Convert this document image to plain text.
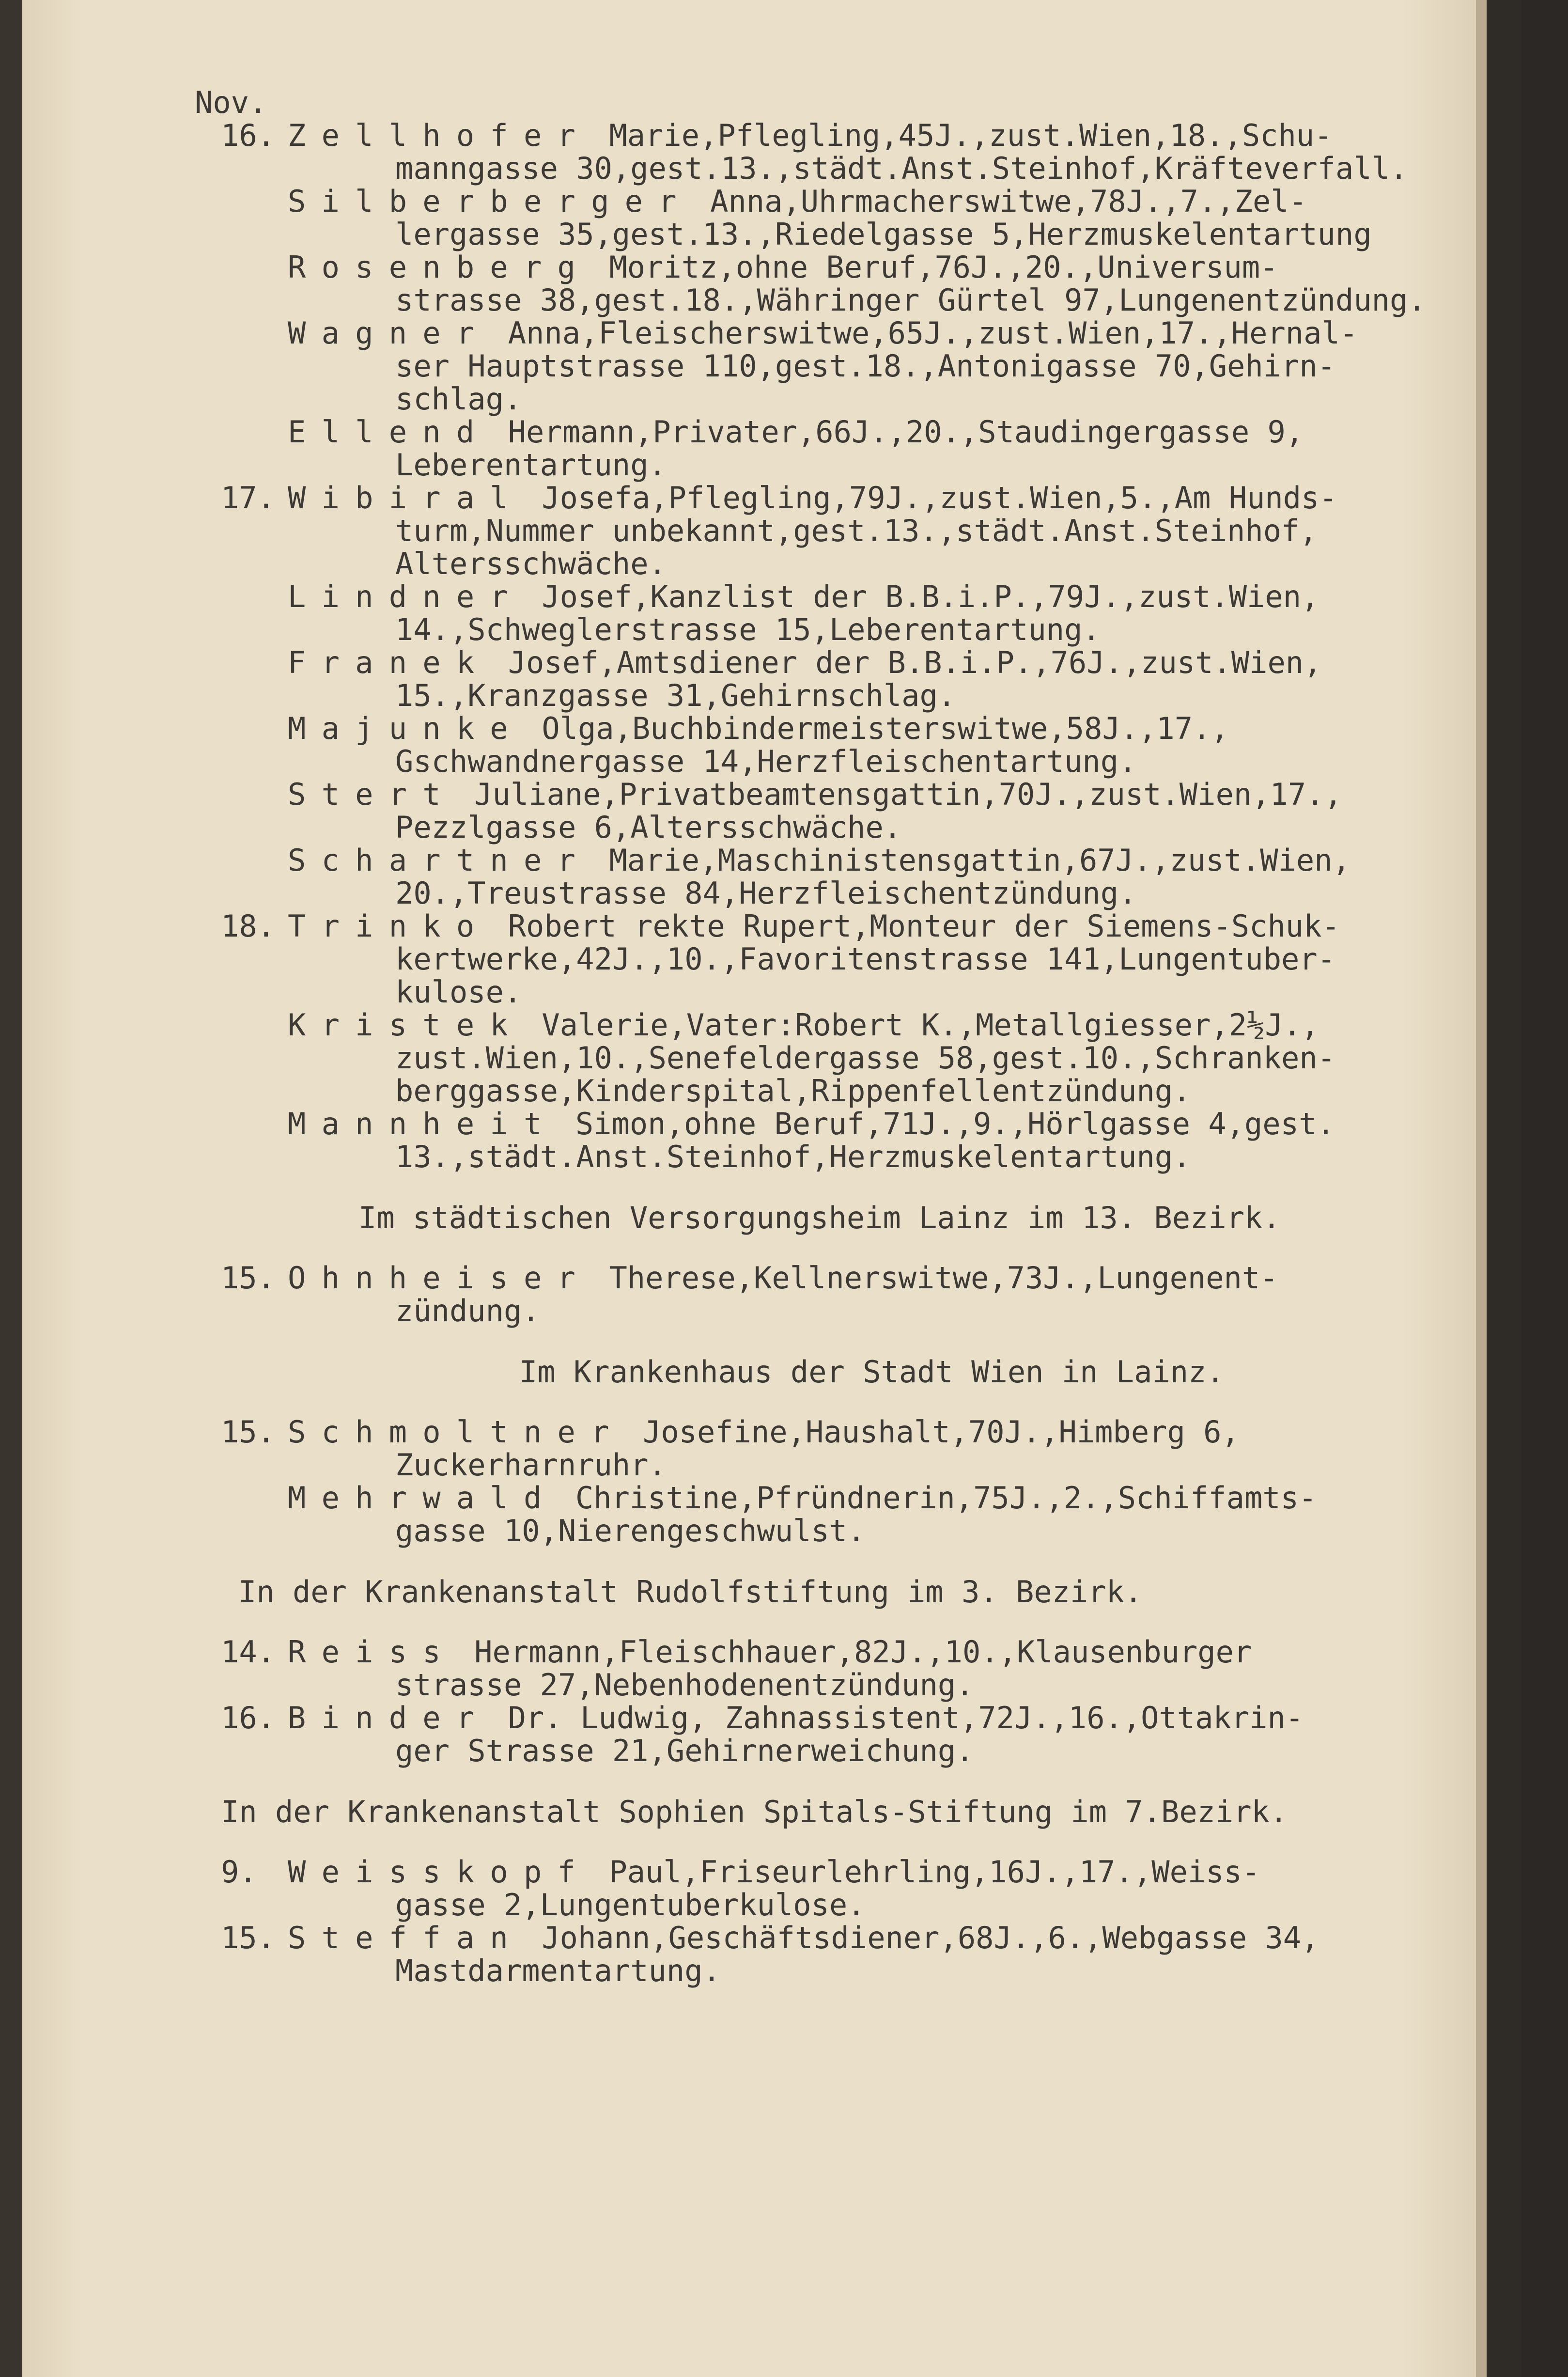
Nov.
16. Zellhofer Marie,Pflegling,45J.,zust.Wien,18.,Schu-
manngasse 30,gest.13.,städt.Anst.Steinhof,Kräfteverfall.
Silberberger Anna,Uhrmacherswitwe,78J.,7.,Zel-
lergasse 35,gest.13.,Riedelgasse 5,Herzmuskelentartung
Rosenberg Moritz,ohne Beruf,76J.,20.,Universum-
strasse 38,gest.18.,Währinger Gürtel 97,Lungenentzündung.
Wagner Anna,Fleischerswitwe,65J.,zust.Wien,17.,Hernal-
ser Hauptstrasse 110,gest.18.,Antonigasse 70,Gehirn-
schlag.
Ellend Hermann,Privater,66J.,20.,Staudingergasse 9,
Leberentartung.
17. Wibiral Josefa,Pflegling,79J.,zust.Wien,5.,Am Hunds-
turm,Nummer unbekannt,gest.13.,städt.Anst.Steinhof,
Altersschwäche.
Lindner Josef,Kanzlist der B.B.i.P.,79J.,zust.Wien,
14.,Schweglerstrasse 15,Leberentartung.
Franek Josef,Amtsdiener der B.B.i.P.,76J.,zust.Wien,
15.,Kranzgasse 31,Gehirnschlag.
Majunke Olga,Buchbindermeisterswitwe,58J.,17.,
Gschwandnergasse 14,Herzfleischentartung.
Stert Juliane,Privatbeamtensgattin,70J.,zust.Wien,17.,
Pezzlgasse 6,Altersschwäche.
Schartner Marie,Maschinistensgattin,67J.,zust.Wien,
20.,Treustrasse 84,Herzfleischentzündung.
18. Trinko Robert rekte Rupert,Monteur der Siemens-Schuk-
kertwerke,42J.,10.,Favoritenstrasse 141,Lungentuber-
kulose.
Kristek Valerie,Vater:Robert K.,Metallgiesser,2½J.,
zust.Wien,10.,Senefeldergasse 58,gest.10.,Schranken-
berggasse,Kinderspital,Rippenfellentzündung.
Mannheit Simon,ohne Beruf,71J.,9.,Hörlgasse 4,gest.
13.,städt.Anst.Steinhof,Herzmuskelentartung.
Im städtischen Versorgungsheim Lainz im 13. Bezirk.
15. Ohnheiser Therese,Kellnerswitwe,73J.,Lungenent-
zündung.
Im Krankenhaus der Stadt Wien in Lainz.
15. Schmoltner Josefine,Haushalt,70J.,Himberg 6,
Zuckerharnruhr.
Mehrwald Christine,Pfründnerin,75J.,2.,Schiffamts-
gasse 10,Nierengeschwulst.
In der Krankenanstalt Rudolfstiftung im 3. Bezirk.
14. Reiss Hermann,Fleischhauer,82J.,10.,Klausenburger
strasse 27,Nebenhodenentzündung.
16. Binder Dr. Ludwig, Zahnassistent,72J.,16.,Ottakrin-
ger Strasse 21,Gehirnerweichung.
In der Krankenanstalt Sophien Spitals-Stiftung im 7.Bezirk.
9.	Weisskopf Paul,Friseurlehrling,16J.,17.,Weiss-
gasse 2,Lungentuberkulose.
15. Steffan Johann,Geschäftsdiener,68J.,6.,Webgasse 34,
Mastdarmentartung.
